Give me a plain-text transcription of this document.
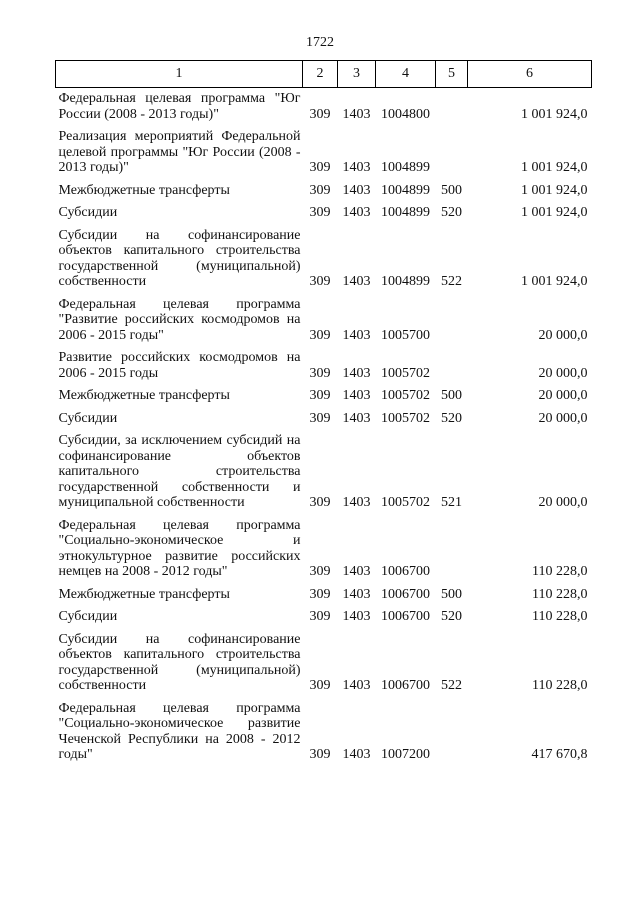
1722
1	2	3	4	5	6
Федеральная целевая программа "Юг России (2008 - 2013 годы)"	309	1403	1004800		1 001 924,0
Реализация мероприятий Федеральной целевой программы "Юг России (2008 - 2013 годы)"	309	1403	1004899		1 001 924,0
Межбюджетные трансферты	309	1403	1004899	500	1 001 924,0
Субсидии	309	1403	1004899	520	1 001 924,0
Субсидии на софинансирование объектов капитального строительства государственной (муниципальной) собственности	309	1403	1004899	522	1 001 924,0
Федеральная целевая программа "Развитие российских космодромов на 2006 - 2015 годы"	309	1403	1005700		20 000,0
Развитие российских космодромов на 2006 - 2015 годы	309	1403	1005702		20 000,0
Межбюджетные трансферты	309	1403	1005702	500	20 000,0
Субсидии	309	1403	1005702	520	20 000,0
Субсидии, за исключением субсидий на софинансирование объектов капитального строительства государственной собственности и муниципальной собственности	309	1403	1005702	521	20 000,0
Федеральная целевая программа "Социально-экономическое и этнокультурное развитие российских немцев на 2008 - 2012 годы"	309	1403	1006700		110 228,0
Межбюджетные трансферты	309	1403	1006700	500	110 228,0
Субсидии	309	1403	1006700	520	110 228,0
Субсидии на софинансирование объектов капитального строительства государственной (муниципальной) собственности	309	1403	1006700	522	110 228,0
Федеральная целевая программа "Социально-экономическое развитие Чеченской Республики на 2008 - 2012 годы"	309	1403	1007200		417 670,8
